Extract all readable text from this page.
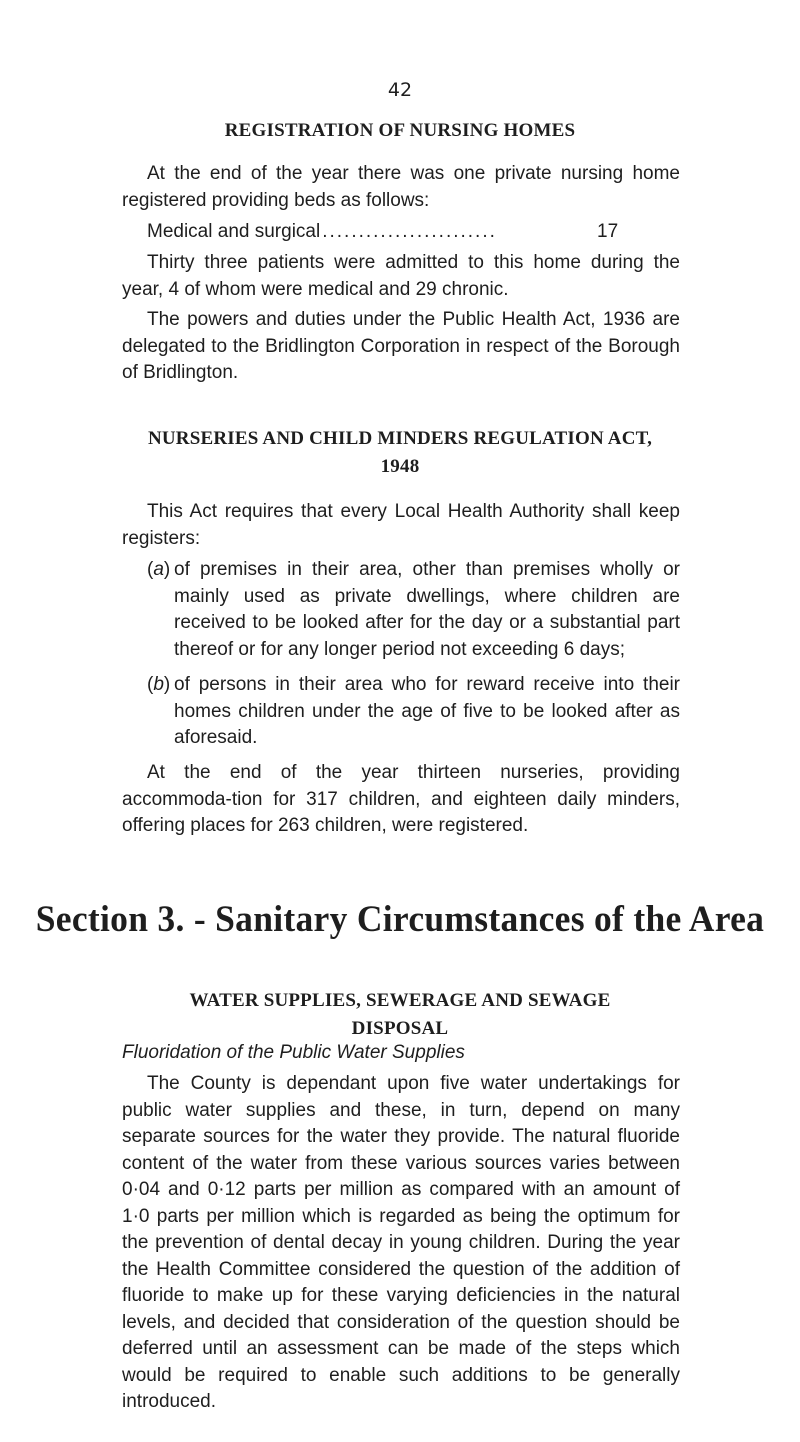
42
REGISTRATION OF NURSING HOMES

At the end of the year there was one private nursing home registered providing beds as follows:

Medical and surgical ........................	17

Thirty three patients were admitted to this home during the year, 4 of whom were medical and 29 chronic.

The powers and duties under the Public Health Act, 1936 are delegated to the Bridlington Corporation in respect of the Borough of Bridlington.

NURSERIES AND CHILD MINDERS REGULATION ACT,
1948

This Act requires that every Local Health Authority shall keep registers:

(a) of premises in their area, other than premises wholly or mainly used as private dwellings, where children are received to be looked after for the day or a substantial part thereof or for any longer period not exceeding 6 days;
(b) of persons in their area who for reward receive into their homes children under the age of five to be looked after as aforesaid.

At the end of the year thirteen nurseries, providing accommoda-tion for 317 children, and eighteen daily minders, offering places for 263 children, were registered.

Section 3. - Sanitary Circumstances of the Area
WATER SUPPLIES, SEWERAGE AND SEWAGE
DISPOSAL
Fluoridation of the Public Water Supplies

The County is dependant upon five water undertakings for public water supplies and these, in turn, depend on many separate sources for the water they provide. The natural fluoride content of the water from these various sources varies between 0·04 and 0·12 parts per million as compared with an amount of 1·0 parts per million which is regarded as being the optimum for the prevention of dental decay in young children. During the year the Health Committee considered the question of the addition of fluoride to make up for these varying deficiencies in the natural levels, and decided that consideration of the question should be deferred until an assessment can be made of the steps which would be required to enable such additions to be generally introduced.
